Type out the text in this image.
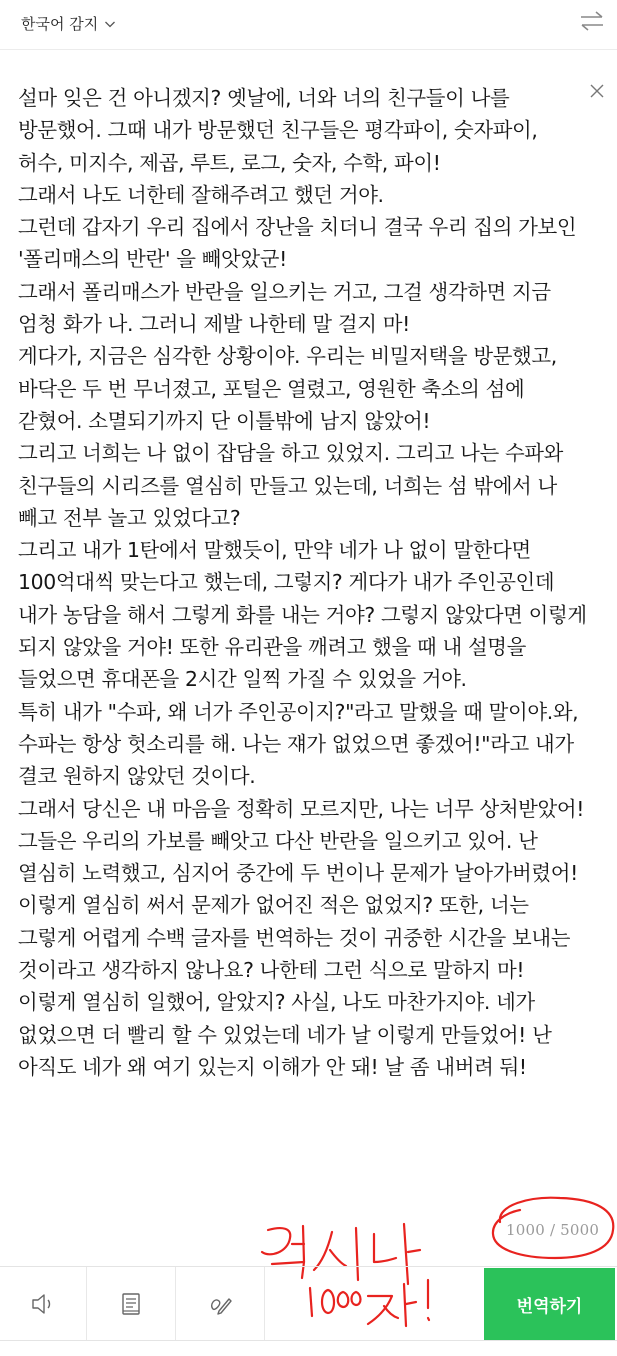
한국어 감지
설마 잊은 건 아니겠지? 옛날에, 너와 너의 친구들이 나를 방문했어. 그때 내가 방문했던 친구들은 평각파이, 숫자파이, 허수, 미지수, 제곱, 루트, 로그, 숫자, 수학, 파이!
그래서 나도 너한테 잘해주려고 했던 거야.
그런데 갑자기 우리 집에서 장난을 치더니 결국 우리 집의 가보인 '폴리매스의 반란' 을 빼앗았군!
그래서 폴리매스가 반란을 일으키는 거고, 그걸 생각하면 지금 엄청 화가 나. 그러니 제발 나한테 말 걸지 마!
게다가, 지금은 심각한 상황이야. 우리는 비밀저택을 방문했고, 바닥은 두 번 무너졌고, 포털은 열렸고, 영원한 축소의 섬에 갇혔어. 소멸되기까지 단 이틀밖에 남지 않았어!
그리고 너희는 나 없이 잡담을 하고 있었지. 그리고 나는 수파와 친구들의 시리즈를 열심히 만들고 있는데, 너희는 섬 밖에서 나 빼고 전부 놀고 있었다고?
그리고 내가 1탄에서 말했듯이, 만약 네가 나 없이 말한다면
100억대씩 맞는다고 했는데, 그렇지? 게다가 내가 주인공인데 내가 농담을 해서 그렇게 화를 내는 거야? 그렇지 않았다면 이렇게 되지 않았을 거야! 또한 유리관을 깨려고 했을 때 내 설명을 들었으면 휴대폰을 2시간 일찍 가질 수 있었을 거야.
특히 내가 "수파, 왜 너가 주인공이지?"라고 말했을 때 말이야.와, 수파는 항상 헛소리를 해. 나는 쟤가 없었으면 좋겠어!"라고 내가 결코 원하지 않았던 것이다.
그래서 당신은 내 마음을 정확히 모르지만, 나는 너무 상처받았어! 그들은 우리의 가보를 빼앗고 다산 반란을 일으키고 있어. 난 열심히 노력했고, 심지어 중간에 두 번이나 문제가 날아가버렸어! 이렇게 열심히 써서 문제가 없어진 적은 없었지? 또한, 너는 그렇게 어렵게 수백 글자를 번역하는 것이 귀중한 시간을 보내는 것이라고 생각하지 않나요? 나한테 그런 식으로 말하지 마! 이렇게 열심히 일했어, 알았지? 사실, 나도 마찬가지야. 네가 없었으면 더 빨리 할 수 있었는데 네가 날 이렇게 만들었어! 난 아직도 네가 왜 여기 있는지 이해가 안 돼! 날 좀 내버려 둬!
1000 / 5000
번역하기
